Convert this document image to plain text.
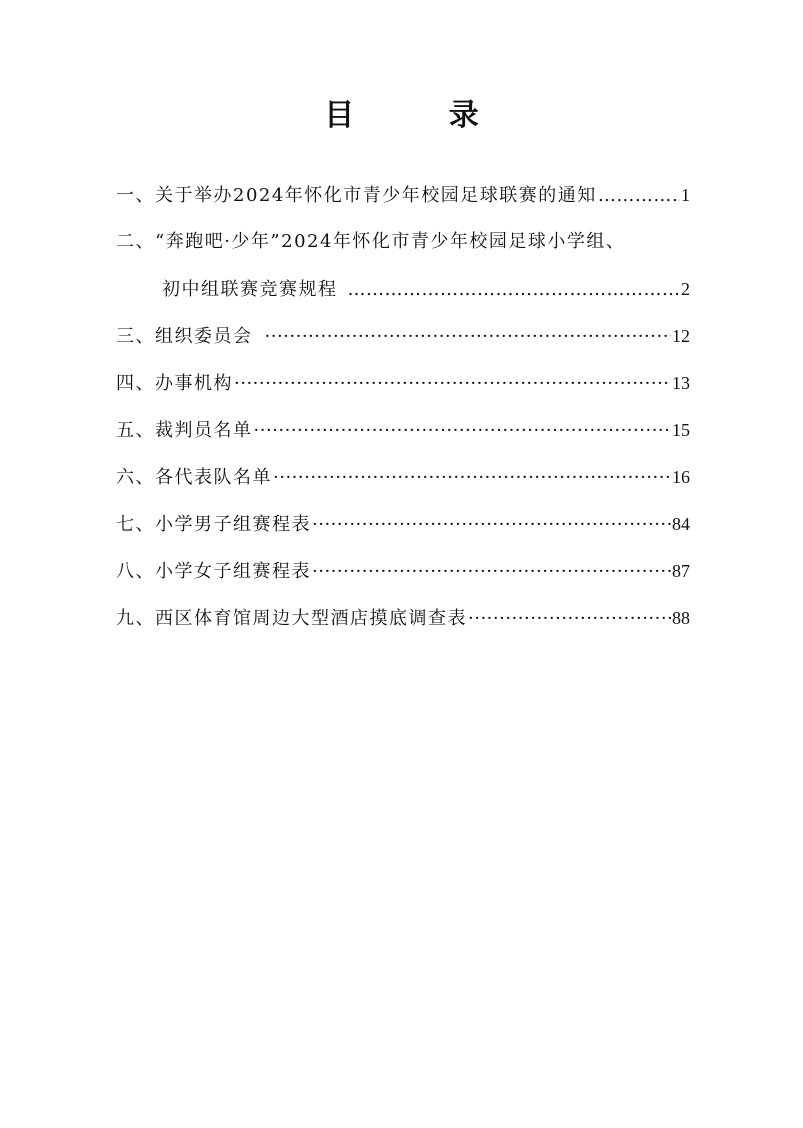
目 录
一、关于举办2024年怀化市青少年校园足球联赛的通知 …………………………………………………………………………………………	1
二、“奔跑吧·少年”2024年怀化市青少年校园足球小学组、
初中组联赛竞赛规程 …………………………………………………………………………………………	2
三、组织委员会 ·····	12
四、办事机构 ·····	13
五、裁判员名单 ·····	15
六、各代表队名单 ·····	16
七、小学男子组赛程表 ·····	84
八、小学女子组赛程表 ·····	87
九、西区体育馆周边大型酒店摸底调查表 ·····	88
